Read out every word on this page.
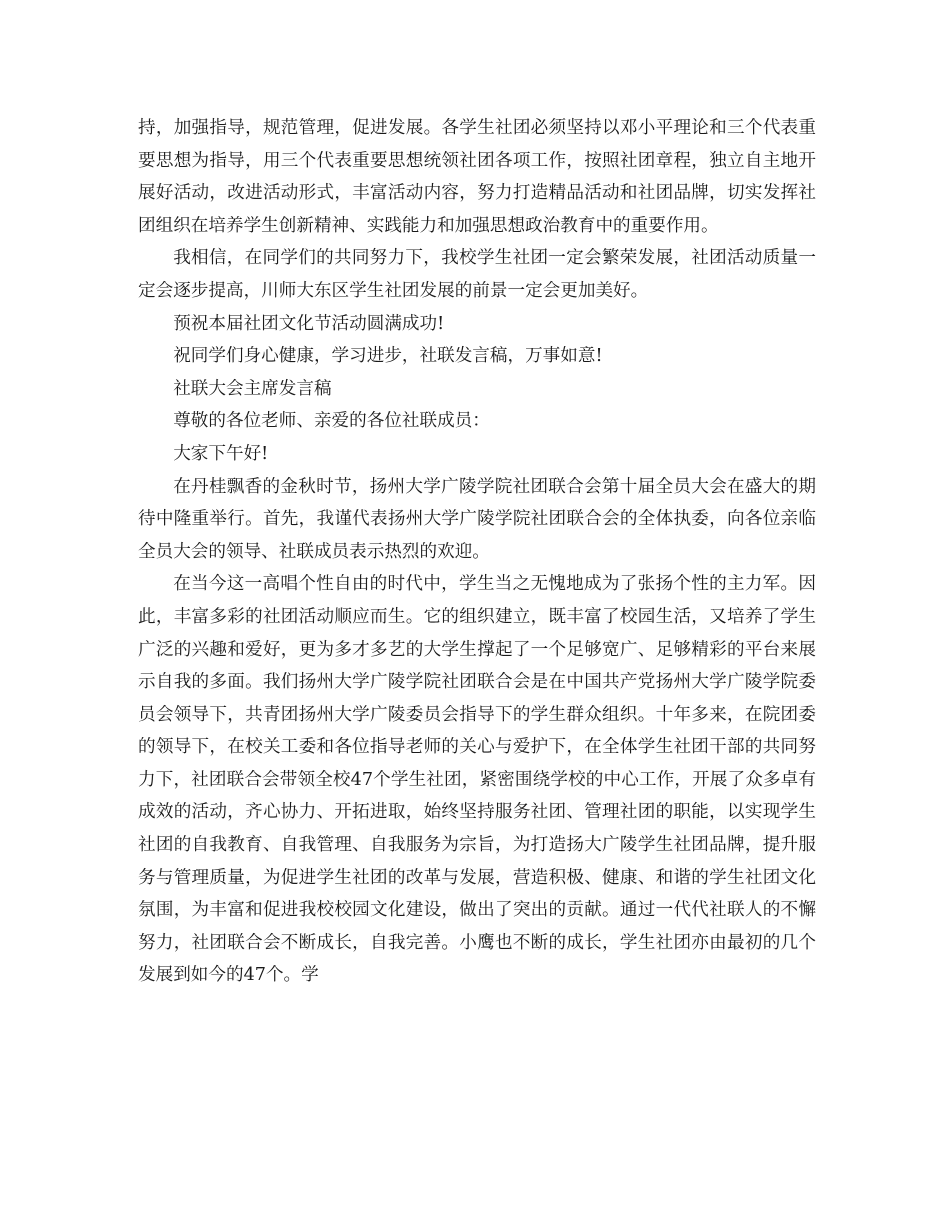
持，加强指导，规范管理，促进发展。各学生社团必须坚持以邓小平理论和三个代表重要思想为指导，用三个代表重要思想统领社团各项工作，按照社团章程，独立自主地开展好活动，改进活动形式，丰富活动内容，努力打造精品活动和社团品牌，切实发挥社团组织在培养学生创新精神、实践能力和加强思想政治教育中的重要作用。

我相信，在同学们的共同努力下，我校学生社团一定会繁荣发展，社团活动质量一定会逐步提高，川师大东区学生社团发展的前景一定会更加美好。

预祝本届社团文化节活动圆满成功!

祝同学们身心健康，学习进步，社联发言稿，万事如意!

社联大会主席发言稿

尊敬的各位老师、亲爱的各位社联成员：

大家下午好!

在丹桂飘香的金秋时节，扬州大学广陵学院社团联合会第十届全员大会在盛大的期待中隆重举行。首先，我谨代表扬州大学广陵学院社团联合会的全体执委，向各位亲临全员大会的领导、社联成员表示热烈的欢迎。

在当今这一高唱个性自由的时代中，学生当之无愧地成为了张扬个性的主力军。因此，丰富多彩的社团活动顺应而生。它的组织建立，既丰富了校园生活，又培养了学生广泛的兴趣和爱好，更为多才多艺的大学生撑起了一个足够宽广、足够精彩的平台来展示自我的多面。我们扬州大学广陵学院社团联合会是在中国共产党扬州大学广陵学院委员会领导下，共青团扬州大学广陵委员会指导下的学生群众组织。十年多来，在院团委的领导下，在校关工委和各位指导老师的关心与爱护下，在全体学生社团干部的共同努力下，社团联合会带领全校47个学生社团，紧密围绕学校的中心工作，开展了众多卓有成效的活动，齐心协力、开拓进取，始终坚持服务社团、管理社团的职能，以实现学生社团的自我教育、自我管理、自我服务为宗旨，为打造扬大广陵学生社团品牌，提升服务与管理质量，为促进学生社团的改革与发展，营造积极、健康、和谐的学生社团文化氛围，为丰富和促进我校校园文化建设，做出了突出的贡献。通过一代代社联人的不懈努力，社团联合会不断成长，自我完善。小鹰也不断的成长，学生社团亦由最初的几个发展到如今的47个。学
